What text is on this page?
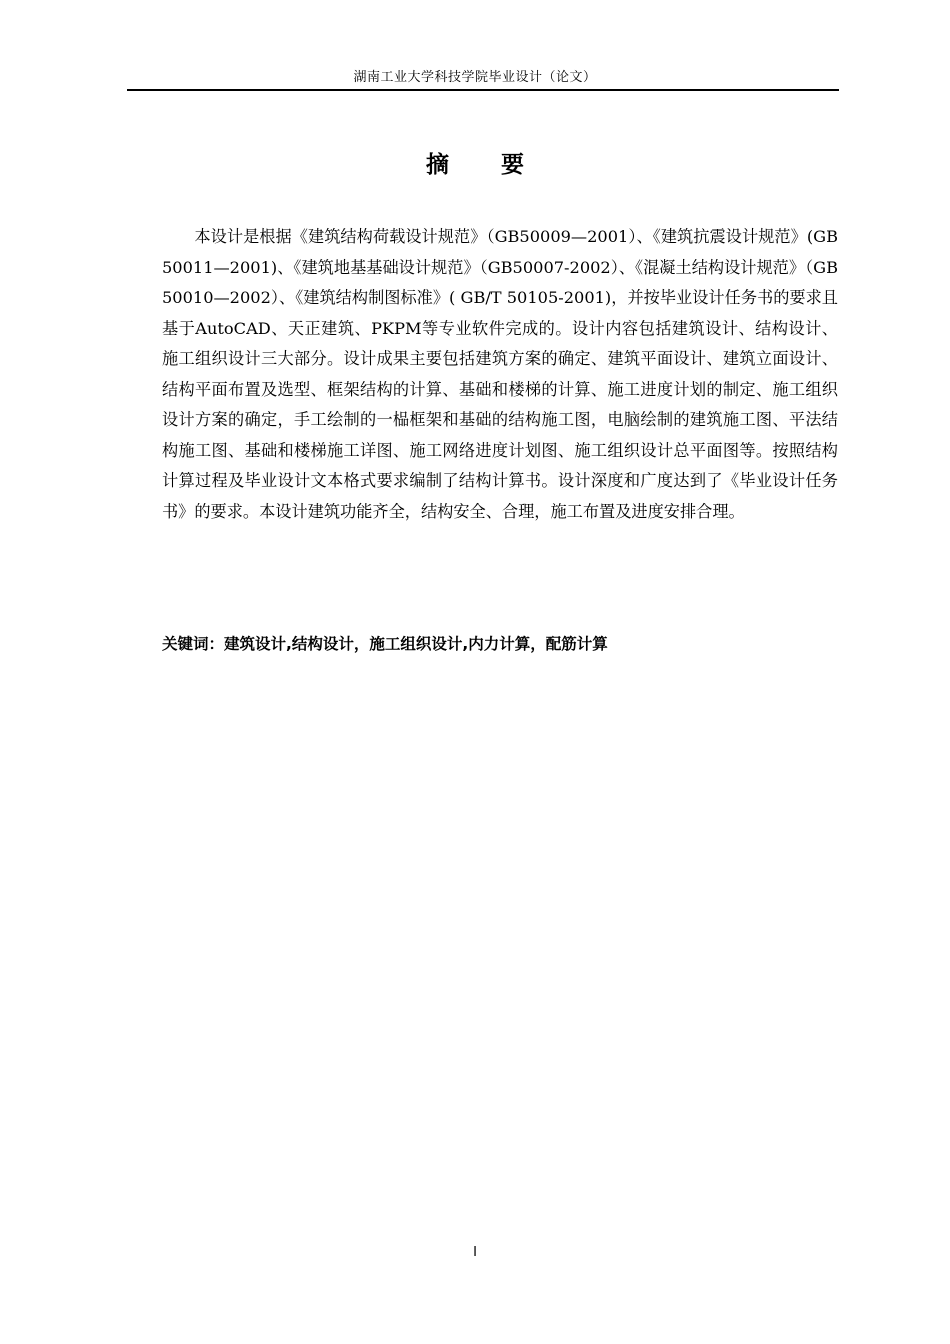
湖南工业大学科技学院毕业设计（论文）
摘 要
本设计是根据《建筑结构荷载设计规范》（GB50009—2001）、《建筑抗震设计规范》(GB50011—2001)、《建筑地基基础设计规范》（GB50007-2002）、《混凝土结构设计规范》（GB50010—2002）、《建筑结构制图标准》( GB/T 50105-2001)，并按毕业设计任务书的要求且基于AutoCAD、天正建筑、PKPM等专业软件完成的。设计内容包括建筑设计、结构设计、施工组织设计三大部分。设计成果主要包括建筑方案的确定、建筑平面设计、建筑立面设计、结构平面布置及选型、框架结构的计算、基础和楼梯的计算、施工进度计划的制定、施工组织设计方案的确定，手工绘制的一榀框架和基础的结构施工图，电脑绘制的建筑施工图、平法结构施工图、基础和楼梯施工详图、施工网络进度计划图、施工组织设计总平面图等。按照结构计算过程及毕业设计文本格式要求编制了结构计算书。设计深度和广度达到了《毕业设计任务书》的要求。本设计建筑功能齐全，结构安全、合理，施工布置及进度安排合理。
关键词：建筑设计,结构设计，施工组织设计,内力计算，配筋计算
I
